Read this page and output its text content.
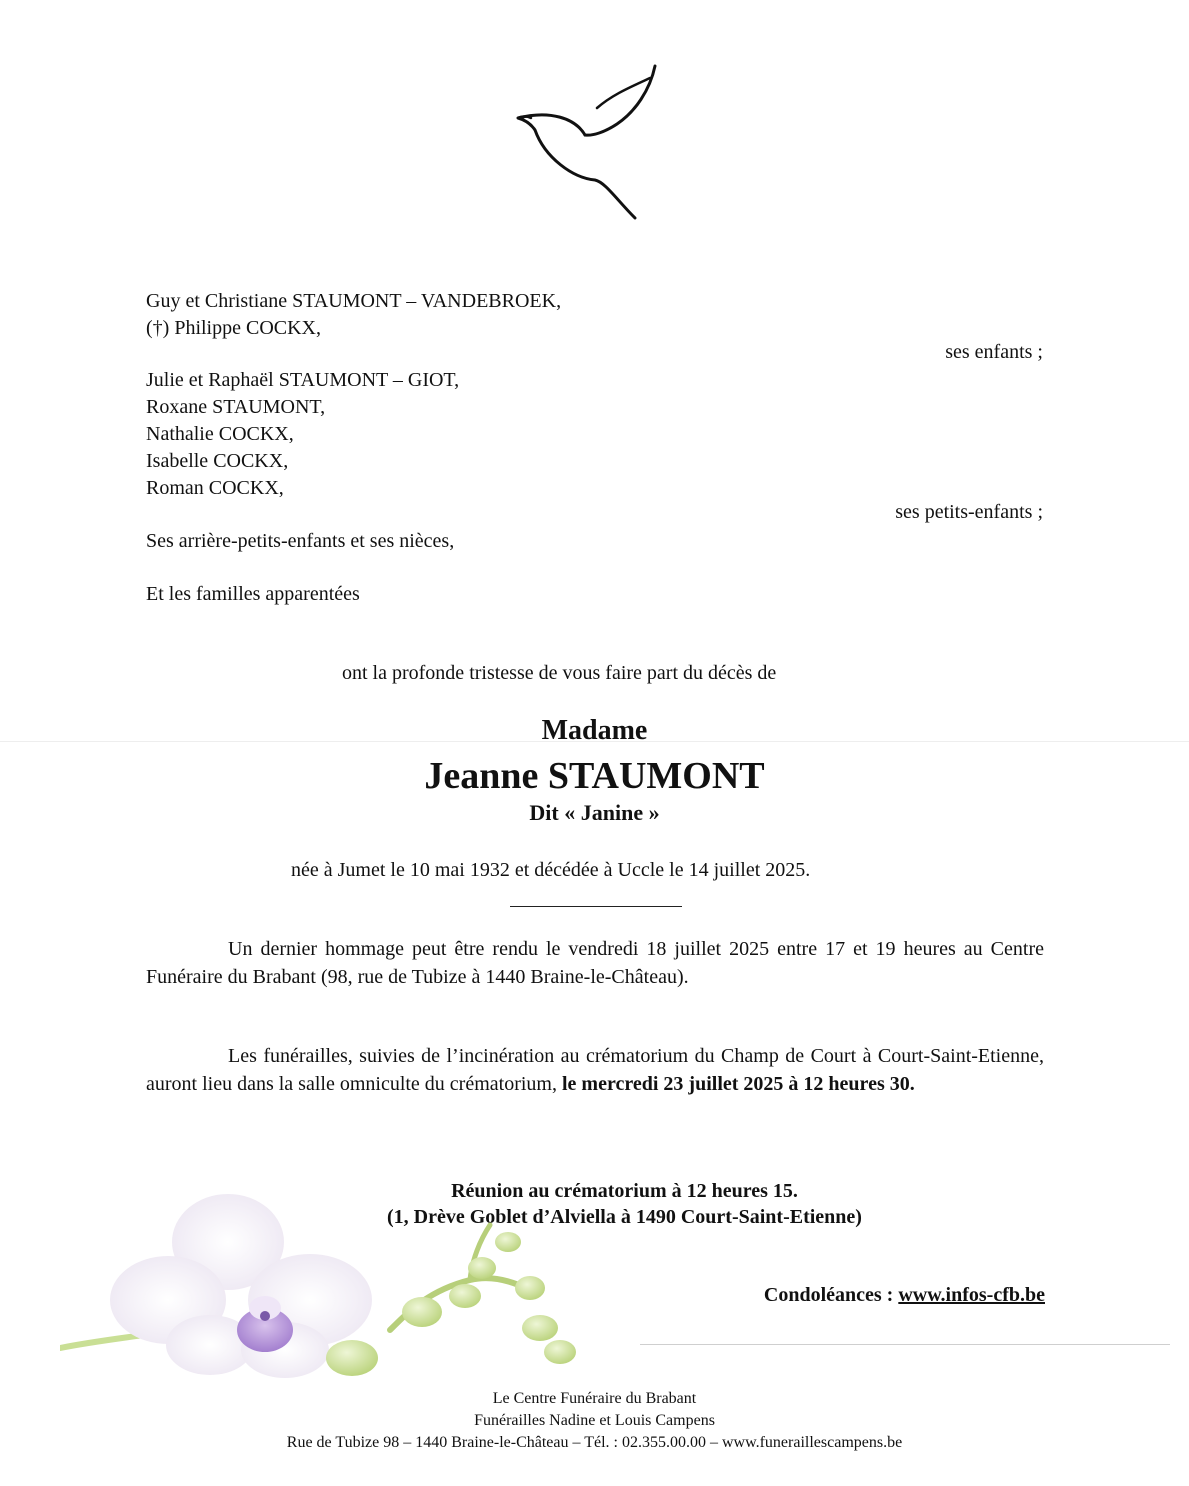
Guy et Christiane STAUMONT – VANDEBROEK,
(†) Philippe COCKX,
ses enfants ;
Julie et Raphaël STAUMONT – GIOT,
Roxane STAUMONT,
Nathalie COCKX,
Isabelle COCKX,
Roman COCKX,
ses petits-enfants ;
Ses arrière-petits-enfants et ses nièces,
Et les familles apparentées
ont la profonde tristesse de vous faire part du décès de
Madame
Jeanne STAUMONT
Dit « Janine »
née à Jumet le 10 mai 1932 et décédée à Uccle le 14 juillet 2025.

Un dernier hommage peut être rendu le vendredi 18 juillet 2025 entre 17 et 19 heures au Centre Funéraire du Brabant (98, rue de Tubize à 1440 Braine-le-Château).

Les funérailles, suivies de l’incinération au crématorium du Champ de Court à Court-Saint-Etienne, auront lieu dans la salle omniculte du crématorium, le mercredi 23 juillet 2025 à 12 heures 30.

Réunion au crématorium à 12 heures 15.
(1, Drève Goblet d’Alviella à 1490 Court-Saint-Etienne)
Condoléances : www.infos-cfb.be
Le Centre Funéraire du Brabant
Funérailles Nadine et Louis Campens
Rue de Tubize 98 – 1440 Braine-le-Château – Tél. : 02.355.00.00 – www.funeraillescampens.be
